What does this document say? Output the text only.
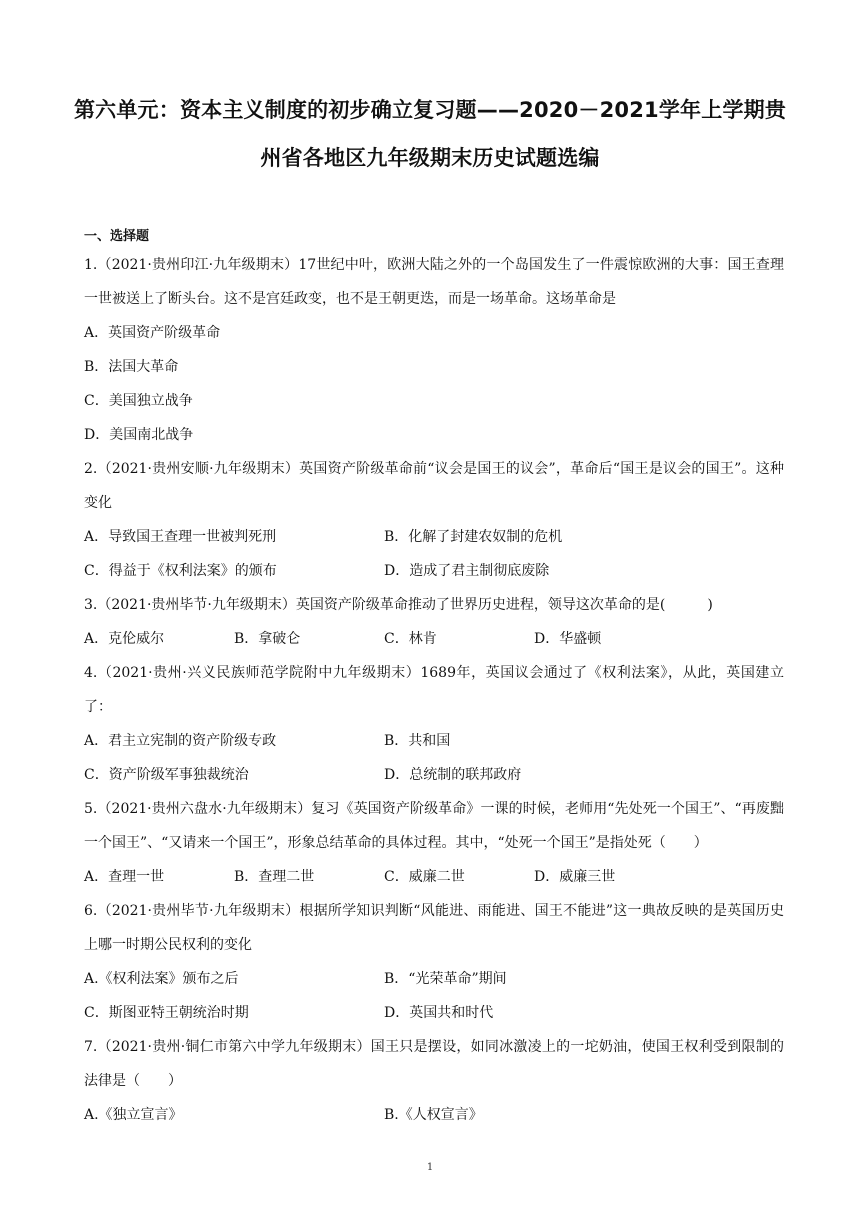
第六单元：资本主义制度的初步确立复习题——2020－2021学年上学期贵州省各地区九年级期末历史试题选编
一、选择题

1.（2021·贵州印江·九年级期末）17世纪中叶，欧洲大陆之外的一个岛国发生了一件震惊欧洲的大事：国王查理一世被送上了断头台。这不是宫廷政变，也不是王朝更迭，而是一场革命。这场革命是

A．英国资产阶级革命
B．法国大革命
C．美国独立战争
D．美国南北战争

2.（2021·贵州安顺·九年级期末）英国资产阶级革命前“议会是国王的议会”，革命后“国王是议会的国王”。这种变化

A．导致国王查理一世被判死刑	B．化解了封建农奴制的危机
C．得益于《权利法案》的颁布	D．造成了君主制彻底废除

3.（2021·贵州毕节·九年级期末）英国资产阶级革命推动了世界历史进程，领导这次革命的是(　　　)

A．克伦威尔	B．拿破仑	C．林肯	D．华盛顿

4.（2021·贵州·兴义民族师范学院附中九年级期末）1689年，英国议会通过了《权利法案》，从此，英国建立了：

A．君主立宪制的资产阶级专政	B．共和国
C．资产阶级军事独裁统治	D．总统制的联邦政府

5.（2021·贵州六盘水·九年级期末）复习《英国资产阶级革命》一课的时候，老师用“先处死一个国王”、“再废黜一个国王”、“又请来一个国王”，形象总结革命的具体过程。其中，“处死一个国王”是指处死（　　）

A．查理一世	B．查理二世	C．威廉二世	D．威廉三世

6.（2021·贵州毕节·九年级期末）根据所学知识判断“风能进、雨能进、国王不能进”这一典故反映的是英国历史上哪一时期公民权利的变化

A.《权利法案》颁布之后	B．“光荣革命”期间
C．斯图亚特王朝统治时期	D．英国共和时代

7.（2021·贵州·铜仁市第六中学九年级期末）国王只是摆设，如同冰激凌上的一坨奶油，使国王权利受到限制的法律是（　　）

A.《独立宣言》	B.《人权宣言》
1
